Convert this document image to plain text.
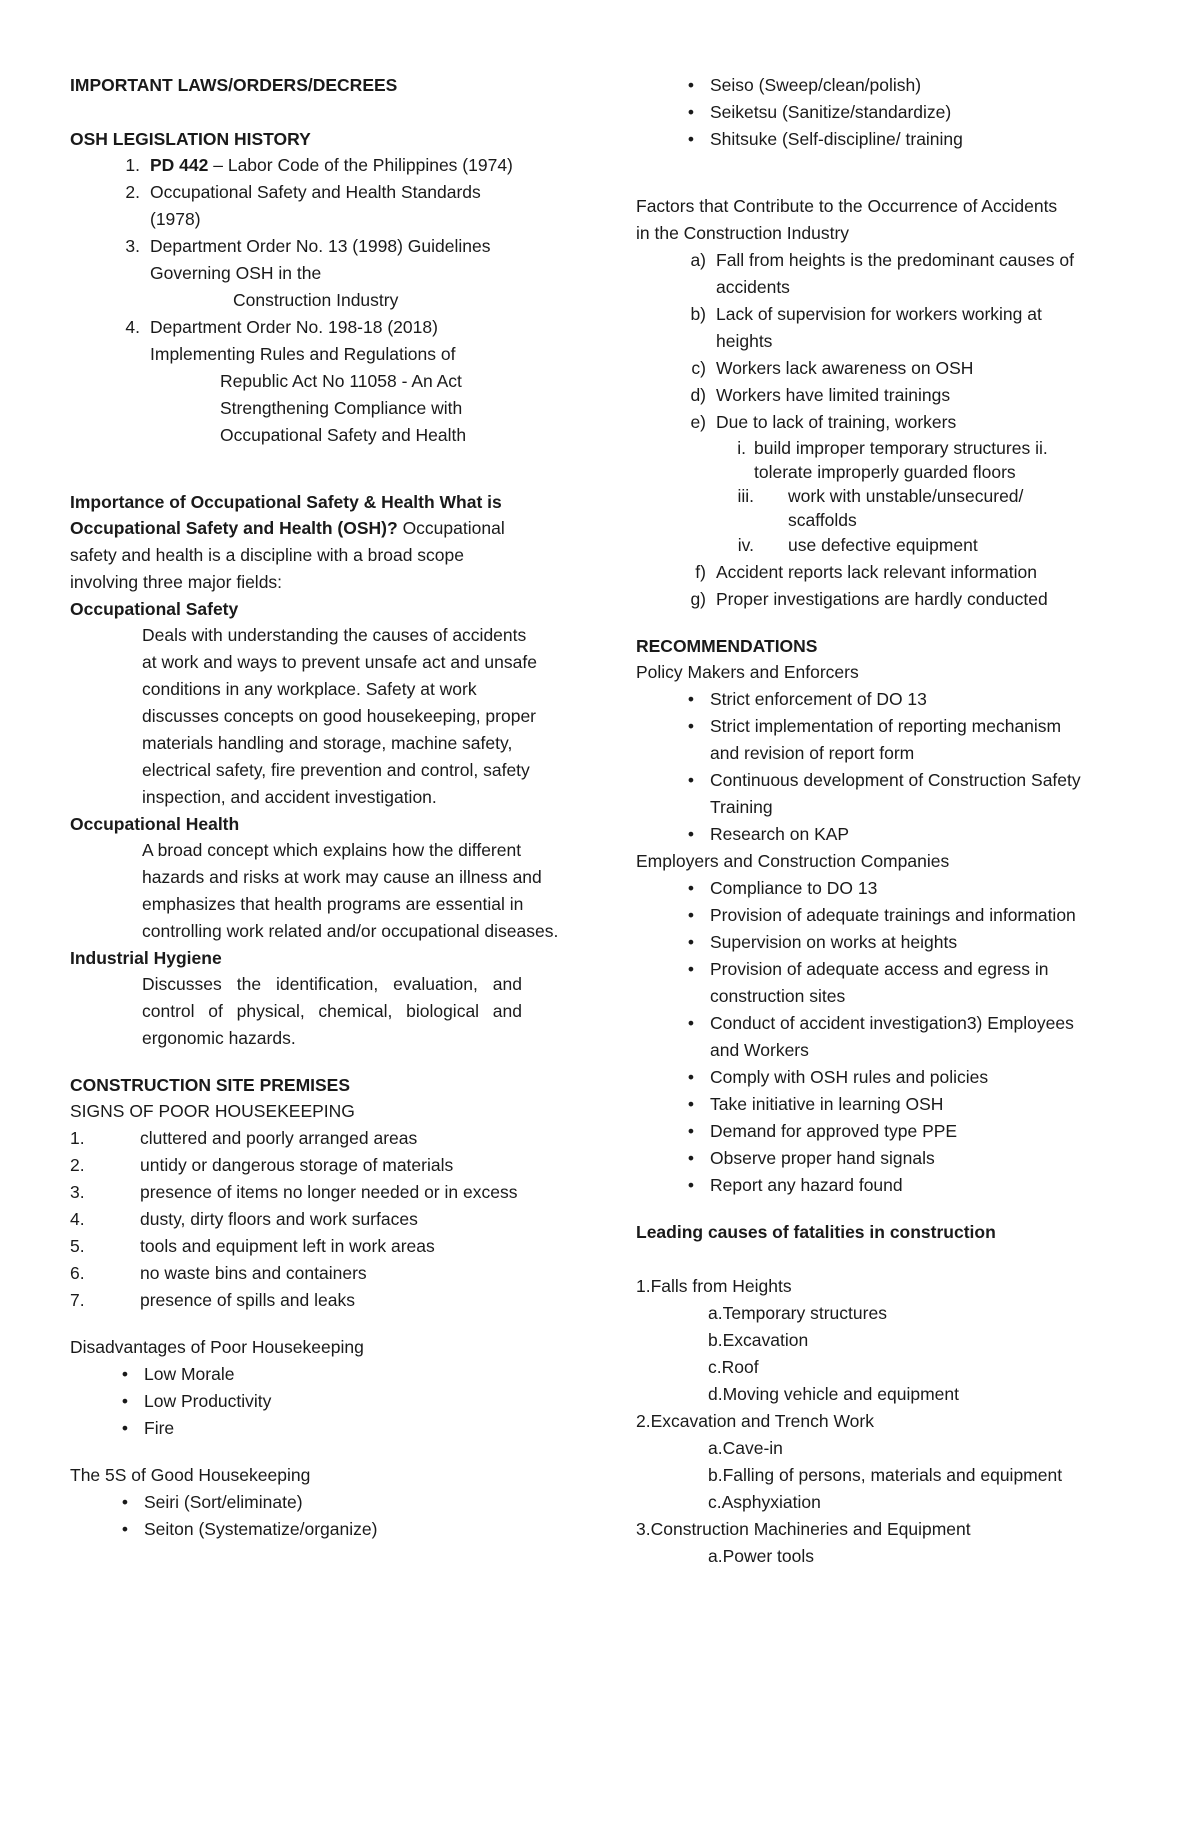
IMPORTANT LAWS/ORDERS/DECREES

OSH LEGISLATION HISTORY

1. PD 442 – Labor Code of the Philippines (1974)
2. Occupational Safety and Health Standards
(1978)
3. Department Order No. 13 (1998) Guidelines
Governing OSH in the
Construction Industry
4. Department Order No. 198-18 (2018)
Implementing Rules and Regulations of
Republic Act No 11058 - An Act
Strengthening Compliance with
Occupational Safety and Health

Importance of Occupational Safety & Health What is

Occupational Safety and Health (OSH)? Occupational

safety and health is a discipline with a broad scope

involving three major fields:

Occupational Safety

Deals with understanding the causes of accidents at work and ways to prevent unsafe act and unsafe conditions in any workplace. Safety at work discusses concepts on good housekeeping, proper materials handling and storage, machine safety, electrical safety, fire prevention and control, safety inspection, and accident investigation.

Occupational Health

A broad concept which explains how the different hazards and risks at work may cause an illness and emphasizes that health programs are essential in controlling work related and/or occupational diseases.

Industrial Hygiene

Discusses the identification, evaluation, and control of physical, chemical, biological and ergonomic hazards.

CONSTRUCTION SITE PREMISES

SIGNS OF POOR HOUSEKEEPING

1.	cluttered and poorly arranged areas
2.	untidy or dangerous storage of materials
3.	presence of items no longer needed or in excess
4.	dusty, dirty floors and work surfaces
5.	tools and equipment left in work areas
6.	no waste bins and containers
7.	presence of spills and leaks

Disadvantages of Poor Housekeeping

• Low Morale
• Low Productivity
• Fire

The 5S of Good Housekeeping

• Seiri (Sort/eliminate)
• Seiton (Systematize/organize)
• Seiso (Sweep/clean/polish)
• Seiketsu (Sanitize/standardize)
• Shitsuke (Self-discipline/ training

Factors that Contribute to the Occurrence of Accidents
in the Construction Industry

a) Fall from heights is the predominant causes of
accidents
b) Lack of supervision for workers working at
heights
c) Workers lack awareness on OSH
d) Workers have limited trainings
e) Due to lack of training, workers
i. build improper temporary structures ii.
tolerate improperly guarded floors
iii.	work with unstable/unsecured/
scaffolds
iv.	use defective equipment
f) Accident reports lack relevant information
g) Proper investigations are hardly conducted

RECOMMENDATIONS

Policy Makers and Enforcers

• Strict enforcement of DO 13
• Strict implementation of reporting mechanism
and revision of report form
• Continuous development of Construction Safety
Training
• Research on KAP

Employers and Construction Companies

• Compliance to DO 13
• Provision of adequate trainings and information
• Supervision on works at heights
• Provision of adequate access and egress in
construction sites
• Conduct of accident investigation3) Employees
and Workers
• Comply with OSH rules and policies
• Take initiative in learning OSH
• Demand for approved type PPE
• Observe proper hand signals
• Report any hazard found

Leading causes of fatalities in construction

1.Falls from Heights

a.Temporary structures

b.Excavation

c.Roof

d.Moving vehicle and equipment

2.Excavation and Trench Work

a.Cave-in

b.Falling of persons, materials and equipment

c.Asphyxiation

3.Construction Machineries and Equipment

a.Power tools
